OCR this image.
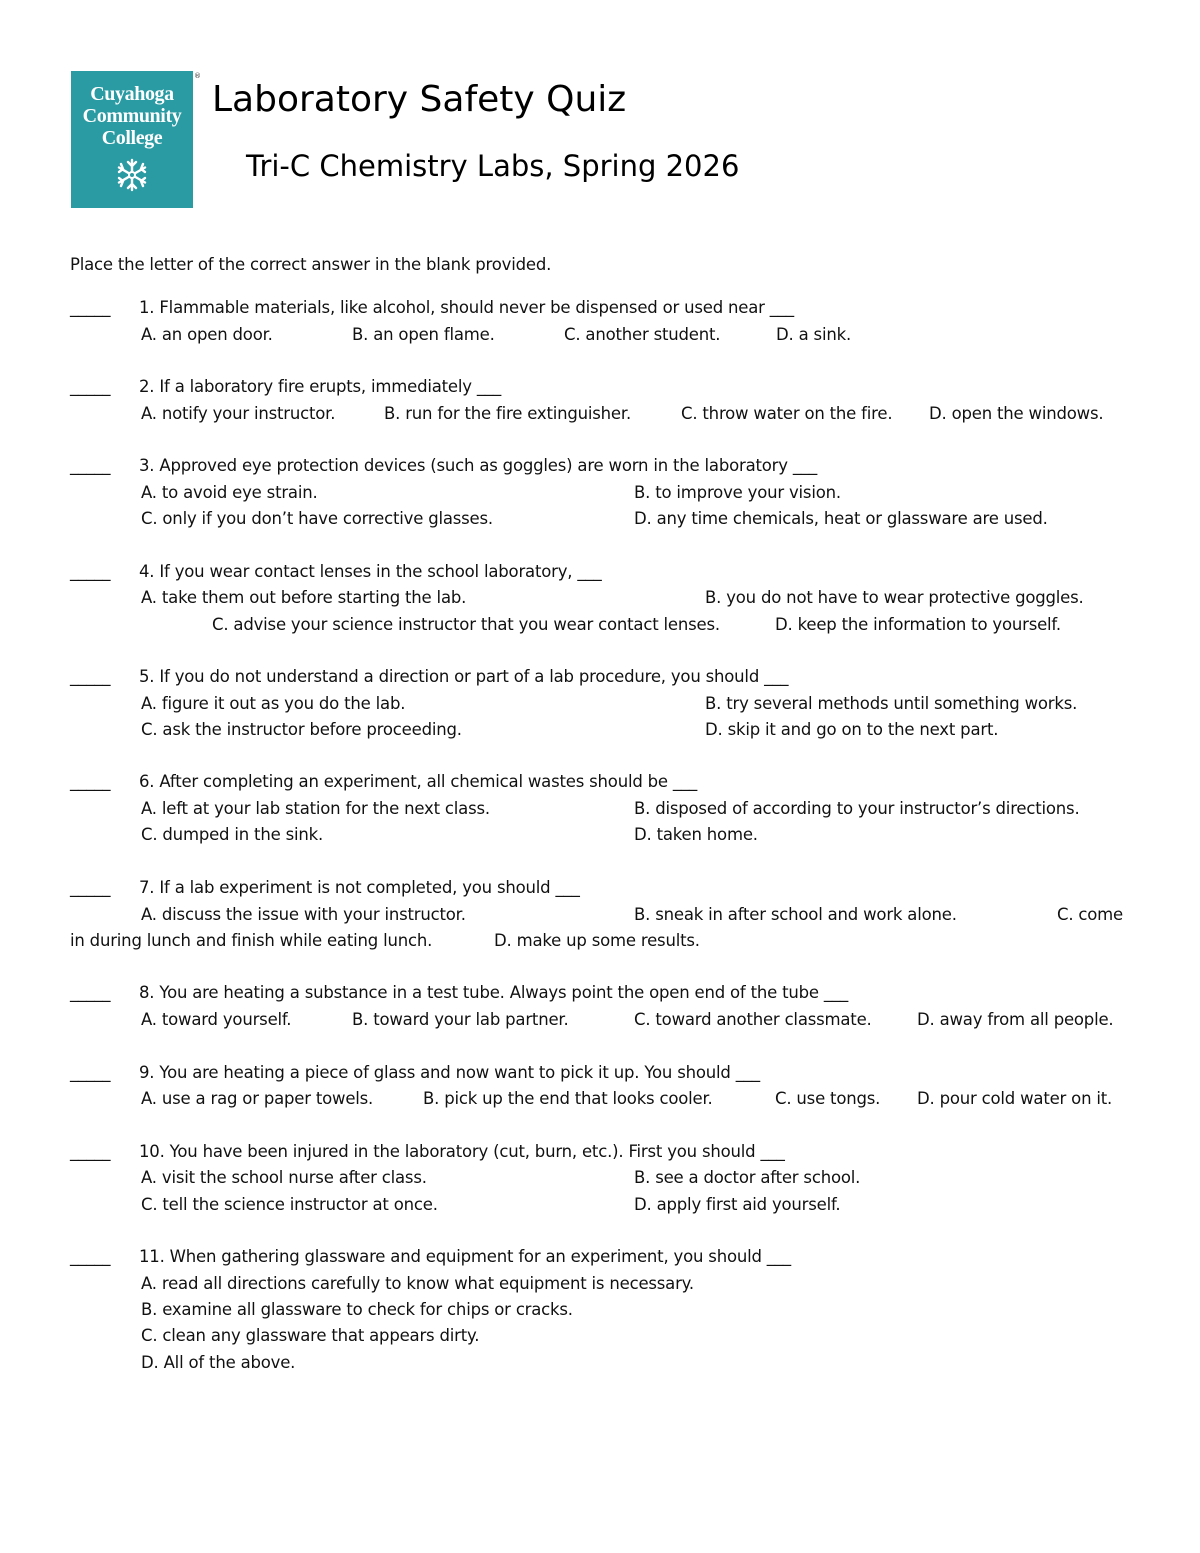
Cuyahoga
Community
College
®
Laboratory Safety Quiz
Tri-C Chemistry Labs, Spring 2026
Place the letter of the correct answer in the blank provided.
_____ 1. Flammable materials, like alcohol, should never be dispensed or used near ___
A. an open door.	B. an open flame.	C. another student.	D. a sink.
_____ 2. If a laboratory fire erupts, immediately ___
A. notify your instructor.	B. run for the fire extinguisher.	C. throw water on the fire. D. open the windows.
_____ 3. Approved eye protection devices (such as goggles) are worn in the laboratory ___
A. to avoid eye strain.	B. to improve your vision.
C. only if you don’t have corrective glasses.	D. any time chemicals, heat or glassware are used.
_____ 4. If you wear contact lenses in the school laboratory, ___
A. take them out before starting the lab.	B. you do not have to wear protective goggles.
C. advise your science instructor that you wear contact lenses.	D. keep the information to yourself.
_____ 5. If you do not understand a direction or part of a lab procedure, you should ___
A. figure it out as you do the lab.	B. try several methods until something works.
C. ask the instructor before proceeding.	D. skip it and go on to the next part.
_____ 6. After completing an experiment, all chemical wastes should be ___
A. left at your lab station for the next class.	B. disposed of according to your instructor’s directions.
C. dumped in the sink.	D. taken home.
_____ 7. If a lab experiment is not completed, you should ___
A. discuss the issue with your instructor.	B. sneak in after school and work alone.	C. come
in during lunch and finish while eating lunch.	D. make up some results.
_____ 8. You are heating a substance in a test tube. Always point the open end of the tube ___
A. toward yourself.	B. toward your lab partner.	C. toward another classmate.	D. away from all people.
_____ 9. You are heating a piece of glass and now want to pick it up. You should ___
A. use a rag or paper towels.	B. pick up the end that looks cooler.	C. use tongs. D. pour cold water on it.
_____ 10. You have been injured in the laboratory (cut, burn, etc.). First you should ___
A. visit the school nurse after class.	B. see a doctor after school.
C. tell the science instructor at once.	D. apply first aid yourself.
_____ 11. When gathering glassware and equipment for an experiment, you should ___
A. read all directions carefully to know what equipment is necessary.
B. examine all glassware to check for chips or cracks.
C. clean any glassware that appears dirty.
D. All of the above.
